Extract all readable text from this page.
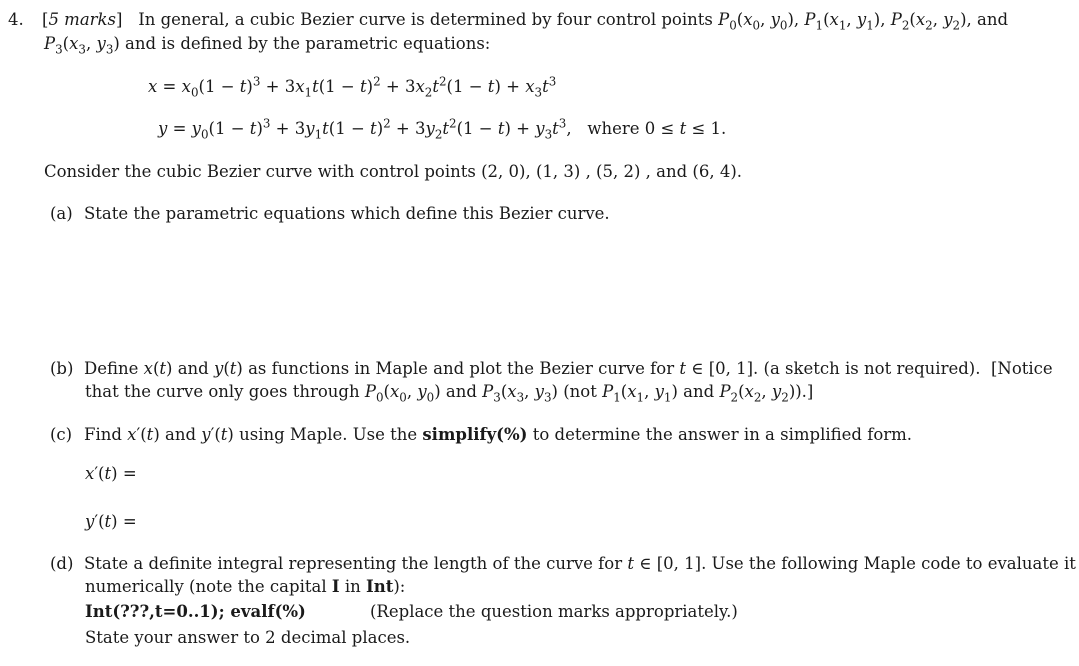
4.	[5 marks]   In general, a cubic Bezier curve is determined by four control points $P_0(x_0$, $y_0$), $P_1(x_1$, $y_1$), $P_2(x_2$, $y_2$), and
$P_3(x_3$, $y_3$) and is defined by the parametric equations:
$x = x_0(1 - t)^3 + 3x_1t(1 - t)^2 + 3x_2t^2(1 - t) + x_3t^3$
$y = y_0(1 - t)^3 + 3y_1t(1 - t)^2 + 3y_2t^2(1 - t) + y_3t^3$,   where 0 ≤ t ≤ 1.
Consider the cubic Bezier curve with control points (2, 0), (1, 3) , (5, 2) , and (6, 4).
(a) State the parametric equations which define this Bezier curve.
(b) Define x(t) and y(t) as functions in Maple and plot the Bezier curve for t ∈ [0, 1]. (a sketch is not required).  [Notice
that the curve only goes through $P_0(x_0$, $y_0$) and $P_3(x_3$, $y_3$) (not $P_1(x_1$, $y_1$) and $P_2(x_2$, $y_2$)).]
(c) Find x′(t) and y′(t) using Maple. Use the simplify(%) to determine the answer in a simplified form.
x′(t) =
y′(t) =
(d) State a definite integral representing the length of the curve for t ∈ [0, 1]. Use the following Maple code to evaluate it
numerically (note the capital I in Int):
Int(???,t=0..1); evalf(%)	(Replace the question marks appropriately.)
State your answer to 2 decimal places.
